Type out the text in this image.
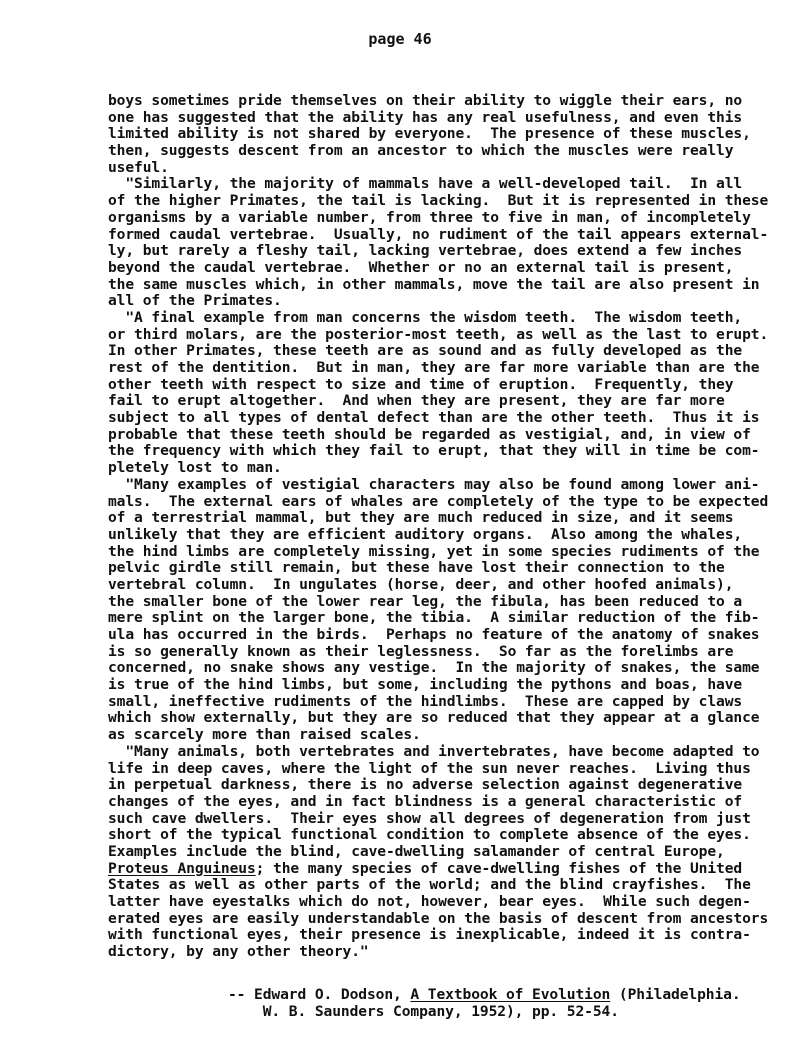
page 46
boys sometimes pride themselves on their ability to wiggle their ears, no
one has suggested that the ability has any real usefulness, and even this
limited ability is not shared by everyone.  The presence of these muscles,
then, suggests descent from an ancestor to which the muscles were really
useful.
"Similarly, the majority of mammals have a well-developed tail.  In all
of the higher Primates, the tail is lacking.  But it is represented in these
organisms by a variable number, from three to five in man, of incompletely
formed caudal vertebrae.  Usually, no rudiment of the tail appears external-
ly, but rarely a fleshy tail, lacking vertebrae, does extend a few inches
beyond the caudal vertebrae.  Whether or no an external tail is present,
the same muscles which, in other mammals, move the tail are also present in
all of the Primates.
"A final example from man concerns the wisdom teeth.  The wisdom teeth,
or third molars, are the posterior-most teeth, as well as the last to erupt.
In other Primates, these teeth are as sound and as fully developed as the
rest of the dentition.  But in man, they are far more variable than are the
other teeth with respect to size and time of eruption.  Frequently, they
fail to erupt altogether.  And when they are present, they are far more
subject to all types of dental defect than are the other teeth.  Thus it is
probable that these teeth should be regarded as vestigial, and, in view of
the frequency with which they fail to erupt, that they will in time be com-
pletely lost to man.
"Many examples of vestigial characters may also be found among lower ani-
mals.  The external ears of whales are completely of the type to be expected
of a terrestrial mammal, but they are much reduced in size, and it seems
unlikely that they are efficient auditory organs.  Also among the whales,
the hind limbs are completely missing, yet in some species rudiments of the
pelvic girdle still remain, but these have lost their connection to the
vertebral column.  In ungulates (horse, deer, and other hoofed animals),
the smaller bone of the lower rear leg, the fibula, has been reduced to a
mere splint on the larger bone, the tibia.  A similar reduction of the fib-
ula has occurred in the birds.  Perhaps no feature of the anatomy of snakes
is so generally known as their leglessness.  So far as the forelimbs are
concerned, no snake shows any vestige.  In the majority of snakes, the same
is true of the hind limbs, but some, including the pythons and boas, have
small, ineffective rudiments of the hindlimbs.  These are capped by claws
which show externally, but they are so reduced that they appear at a glance
as scarcely more than raised scales.
"Many animals, both vertebrates and invertebrates, have become adapted to
life in deep caves, where the light of the sun never reaches.  Living thus
in perpetual darkness, there is no adverse selection against degenerative
changes of the eyes, and in fact blindness is a general characteristic of
such cave dwellers.  Their eyes show all degrees of degeneration from just
short of the typical functional condition to complete absence of the eyes.
Examples include the blind, cave-dwelling salamander of central Europe,
Proteus Anguineus; the many species of cave-dwelling fishes of the United
States as well as other parts of the world; and the blind crayfishes.  The
latter have eyestalks which do not, however, bear eyes.  While such degen-
erated eyes are easily understandable on the basis of descent from ancestors
with functional eyes, their presence is inexplicable, indeed it is contra-
dictory, by any other theory."
-- Edward O. Dodson, A Textbook of Evolution (Philadelphia.
W. B. Saunders Company, 1952), pp. 52-54.
